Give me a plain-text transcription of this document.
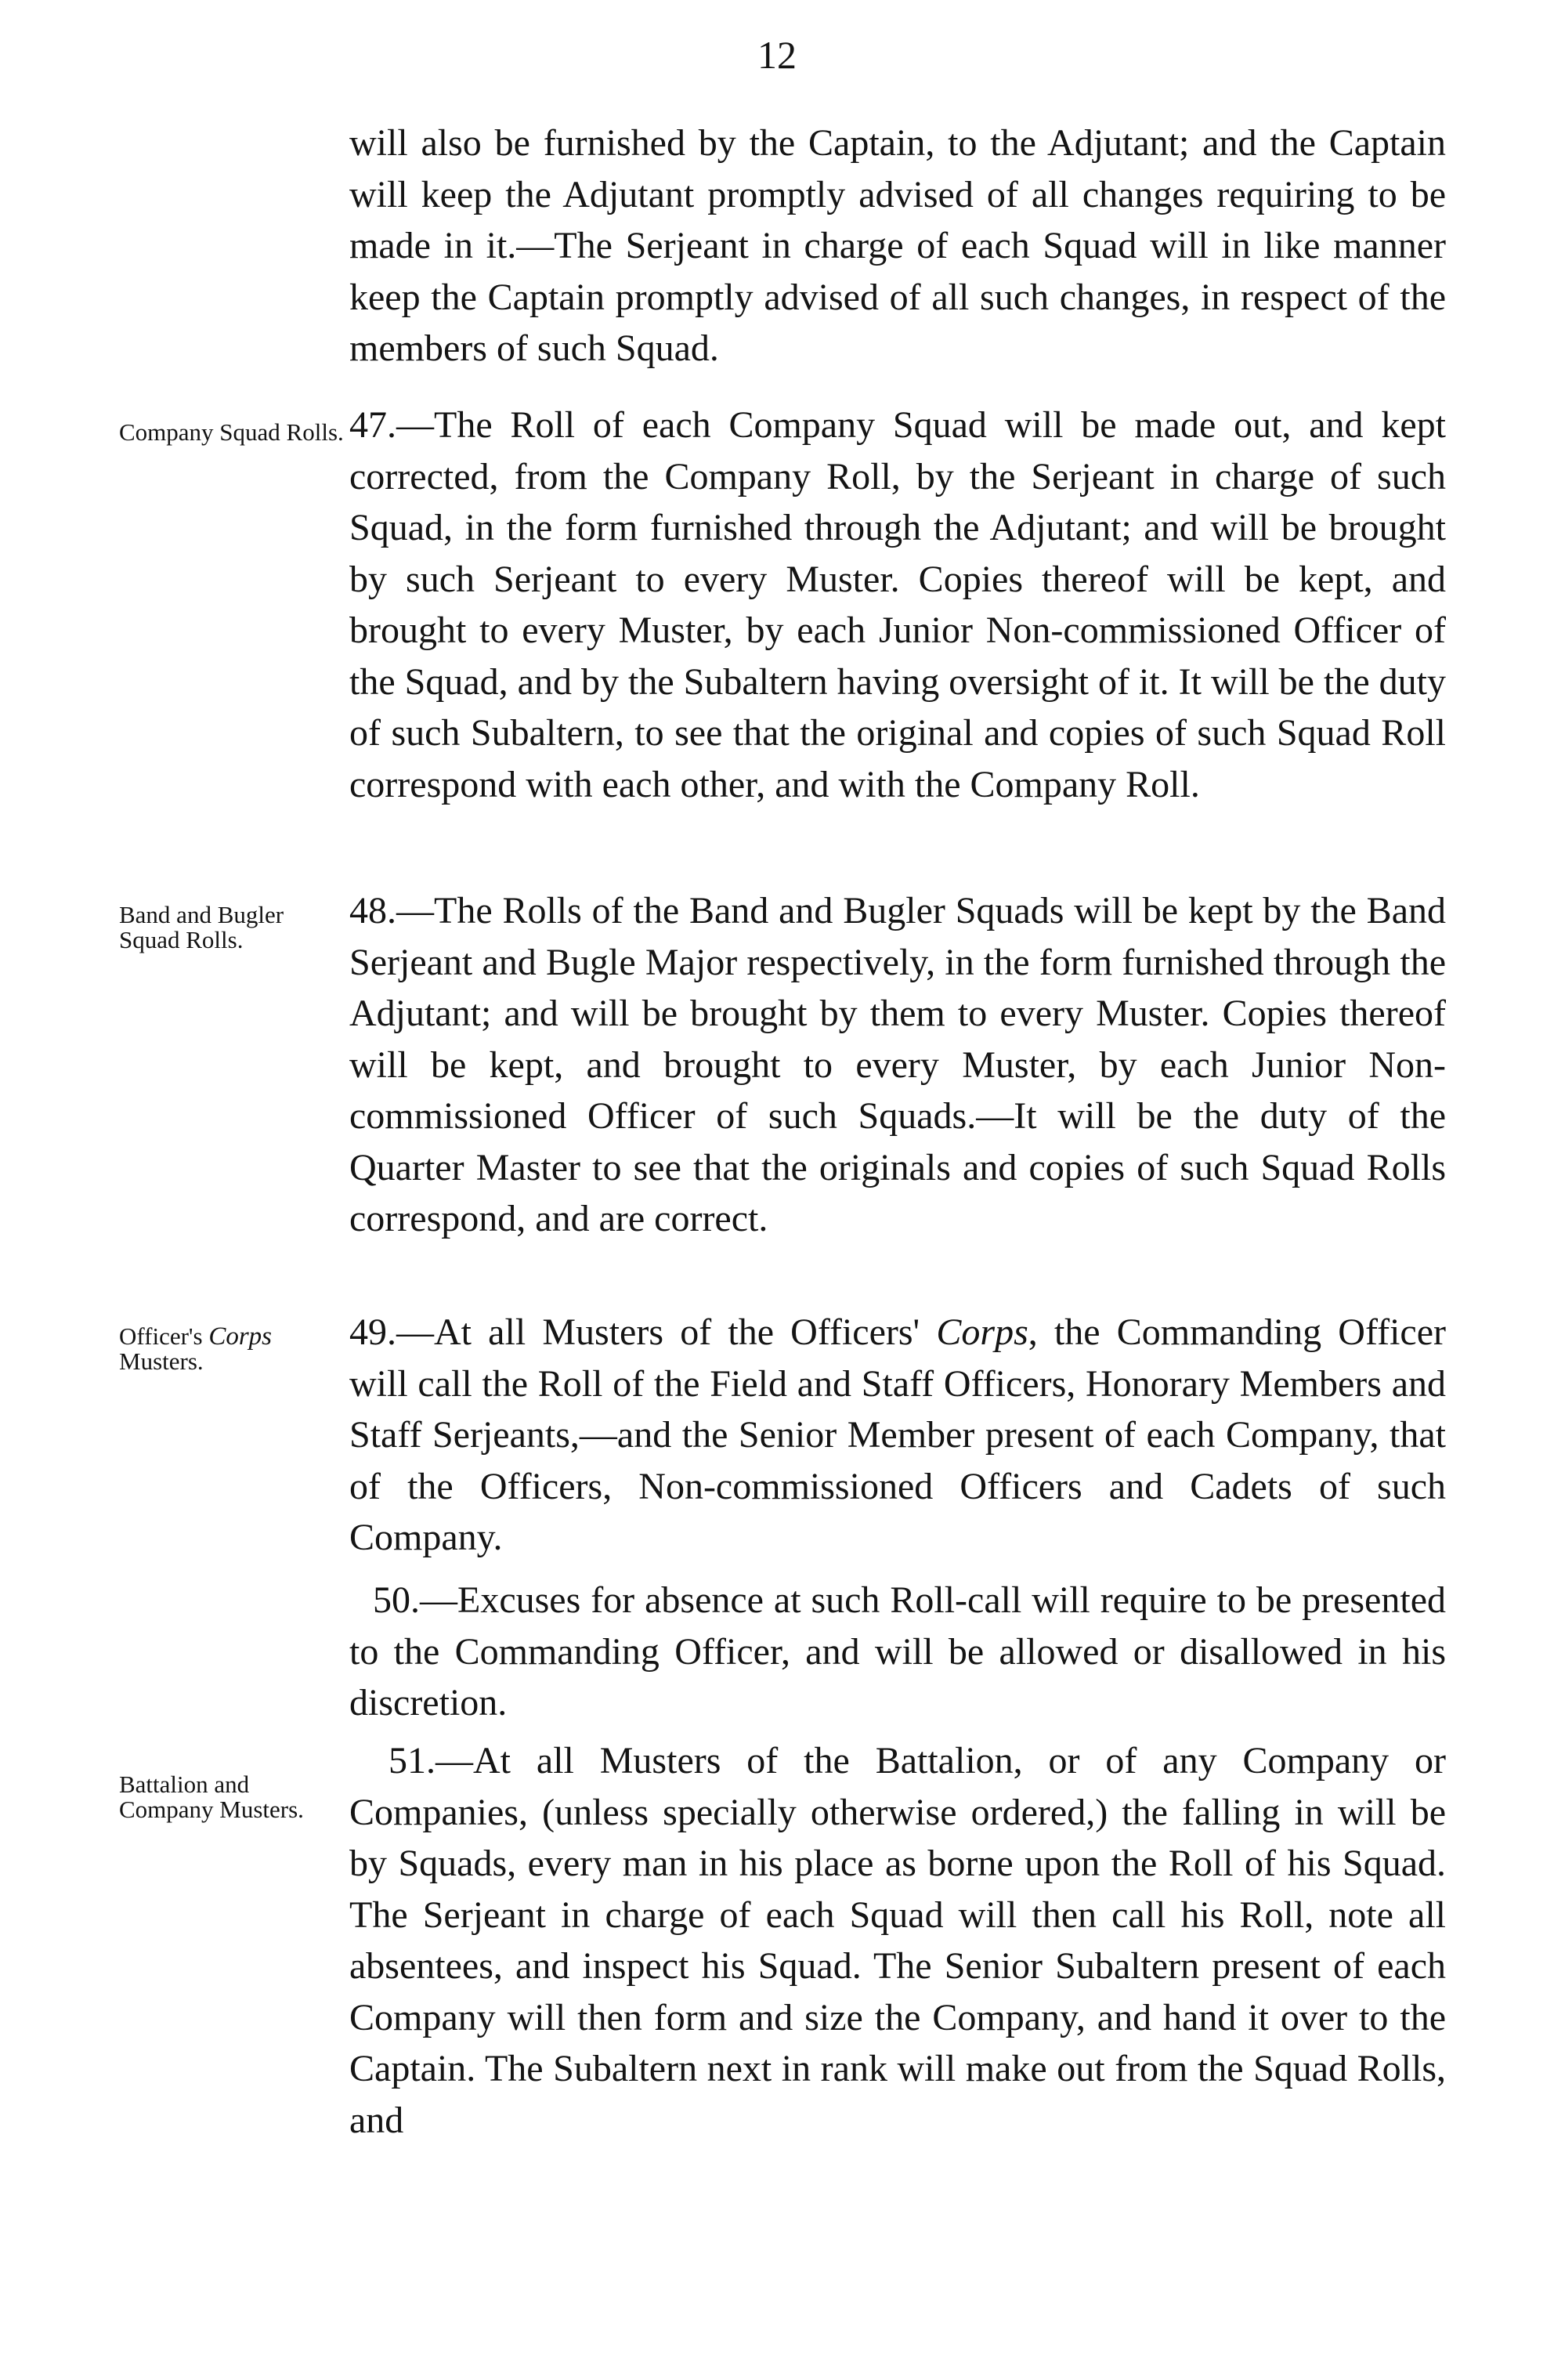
12

will also be furnished by the Captain, to the Adjutant; and the Captain will keep the Adjutant promptly advised of all changes requiring to be made in it.—The Serjeant in charge of each Squad will in like manner keep the Captain promptly advised of all such changes, in respect of the members of such Squad.

Company Squad Rolls. 47.—The Roll of each Company Squad will be made out, and kept corrected, from the Company Roll, by the Serjeant in charge of such Squad, in the form furnished through the Adjutant; and will be brought by such Serjeant to every Muster. Copies thereof will be kept, and brought to every Muster, by each Junior Non-commissioned Officer of the Squad, and by the Subaltern having oversight of it. It will be the duty of such Subaltern, to see that the original and copies of such Squad Roll correspond with each other, and with the Company Roll.

Band and Bugler Squad Rolls.

48.—The Rolls of the Band and Bugler Squads will be kept by the Band Serjeant and Bugle Major respectively, in the form furnished through the Adjutant; and will be brought by them to every Muster. Copies thereof will be kept, and brought to every Muster, by each Junior Non-commissioned Officer of such Squads.—It will be the duty of the Quarter Master to see that the originals and copies of such Squad Rolls correspond, and are correct.

Officer's Corps Musters.

49.—At all Musters of the Officers' Corps, the Commanding Officer will call the Roll of the Field and Staff Officers, Honorary Members and Staff Serjeants,—and the Senior Member present of each Company, that of the Officers, Non-commissioned Officers and Cadets of such Company.

50.—Excuses for absence at such Roll-call will require to be presented to the Commanding Officer, and will be allowed or disallowed in his discretion.

Battalion and Company Musters.

51.—At all Musters of the Battalion, or of any Company or Companies, (unless specially otherwise ordered,) the falling in will be by Squads, every man in his place as borne upon the Roll of his Squad. The Serjeant in charge of each Squad will then call his Roll, note all absentees, and inspect his Squad. The Senior Subaltern present of each Company will then form and size the Company, and hand it over to the Captain. The Subaltern next in rank will make out from the Squad Rolls, and
